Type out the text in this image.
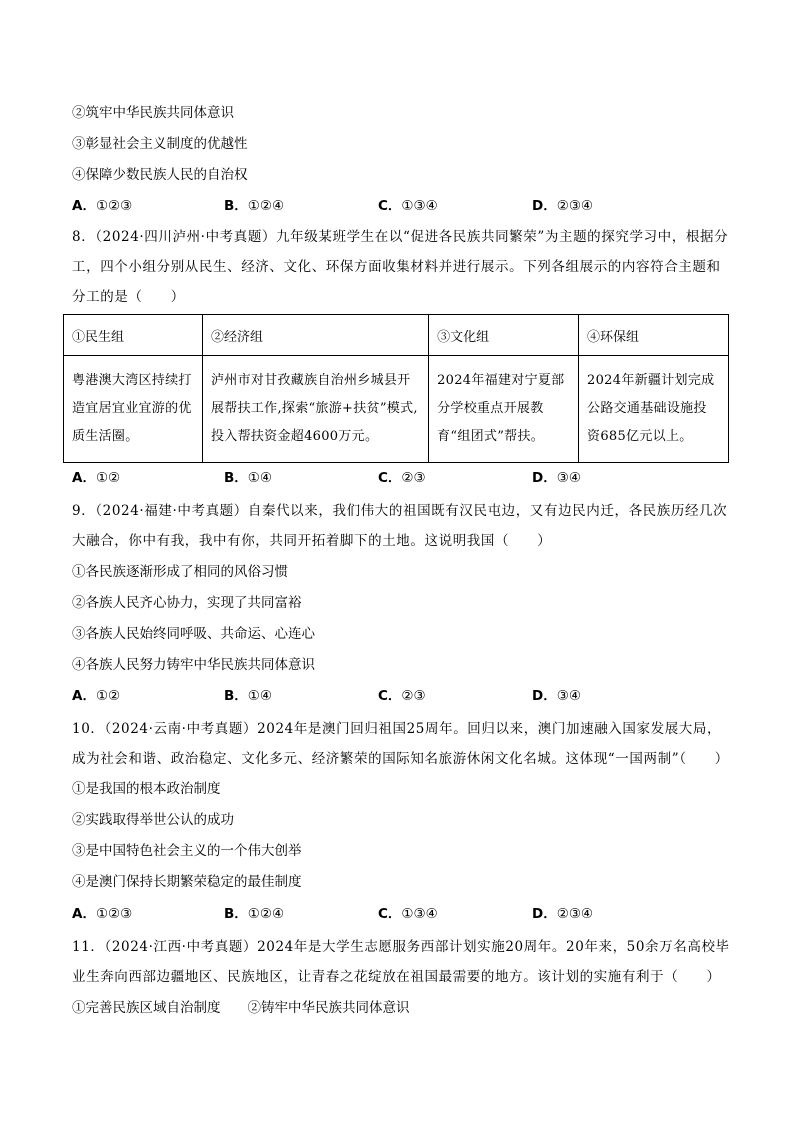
②筑牢中华民族共同体意识
③彰显社会主义制度的优越性
④保障少数民族人民的自治权
A．①②③	B．①②④	C．①③④	D．②③④
8．（2024·四川泸州·中考真题）九年级某班学生在以“促进各民族共同繁荣”为主题的探究学习中，根据分工，四个小组分别从民生、经济、文化、环保方面收集材料并进行展示。下列各组展示的内容符合主题和分工的是（　　）
①民生组	②经济组	③文化组	④环保组

粤港澳大湾区持续打造宜居宜业宜游的优质生活圈。	泸州市对甘孜藏族自治州乡城县开展帮扶工作,探索“旅游+扶贫”模式,投入帮扶资金超4600万元。	2024年福建对宁夏部分学校重点开展教育“组团式”帮扶。	2024年新疆计划完成公路交通基础设施投资685亿元以上。
A．①②	B．①④	C．②③	D．③④
9．（2024·福建·中考真题）自秦代以来，我们伟大的祖国既有汉民屯边，又有边民内迁，各民族历经几次大融合，你中有我，我中有你，共同开拓着脚下的土地。这说明我国（　　）
①各民族逐渐形成了相同的风俗习惯
②各族人民齐心协力，实现了共同富裕
③各族人民始终同呼吸、共命运、心连心
④各族人民努力铸牢中华民族共同体意识
A．①②	B．①④	C．②③	D．③④
10．（2024·云南·中考真题）2024年是澳门回归祖国25周年。回归以来，澳门加速融入国家发展大局，成为社会和谐、政治稳定、文化多元、经济繁荣的国际知名旅游休闲文化名城。这体现“一国两制”（　　）
①是我国的根本政治制度
②实践取得举世公认的成功
③是中国特色社会主义的一个伟大创举
④是澳门保持长期繁荣稳定的最佳制度
A．①②③	B．①②④	C．①③④	D．②③④
11．（2024·江西·中考真题）2024年是大学生志愿服务西部计划实施20周年。20年来，50余万名高校毕业生奔向西部边疆地区、民族地区，让青春之花绽放在祖国最需要的地方。该计划的实施有利于（　　）
①完善民族区域自治制度　　②铸牢中华民族共同体意识
